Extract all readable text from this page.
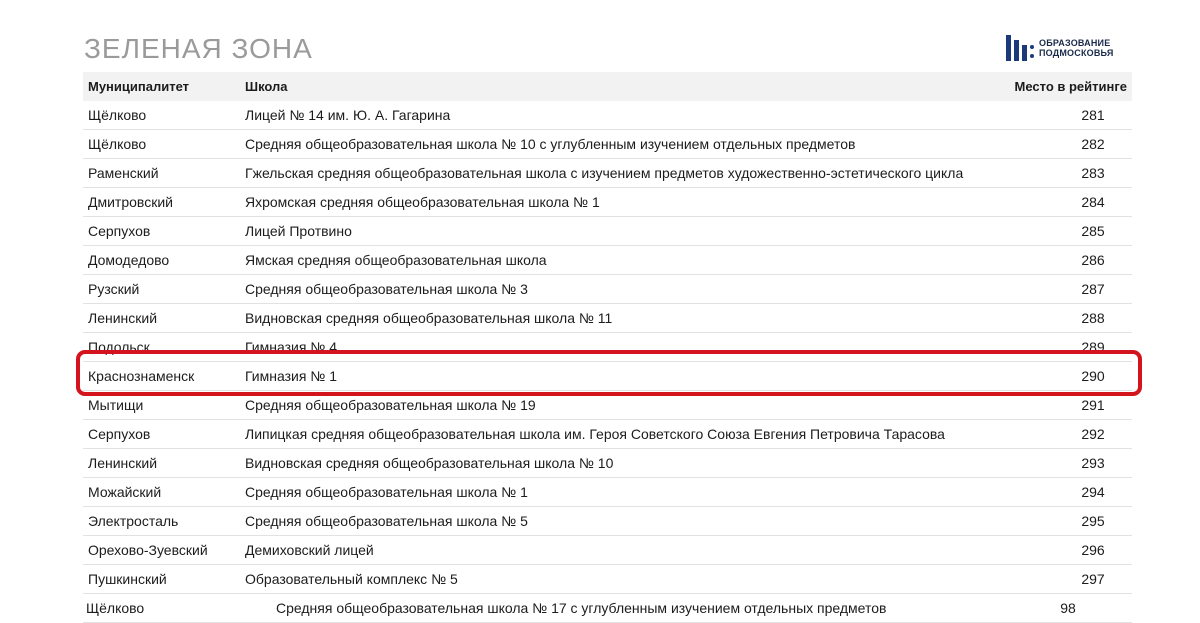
ЗЕЛЕНАЯ ЗОНА	ОБРАЗОВАНИЕ
ПОДМОСКОВЬЯ
Муниципалитет	Школа	Место в рейтинге
Щёлково	Лицей № 14 им. Ю. А. Гагарина	281
Щёлково	Средняя общеобразовательная школа № 10 с углубленным изучением отдельных предметов	282
Раменский	Гжельская средняя общеобразовательная школа с изучением предметов художественно-эстетического цикла	283
Дмитровский	Яхромская средняя общеобразовательная школа № 1	284
Серпухов	Лицей Протвино	285
Домодедово	Ямская средняя общеобразовательная школа	286
Рузский	Средняя общеобразовательная школа № 3	287
Ленинский	Видновская средняя общеобразовательная школа № 11	288
Подольск	Гимназия № 4	289
Краснознаменск	Гимназия № 1	290
Мытищи	Средняя общеобразовательная школа № 19	291
Серпухов	Липицкая средняя общеобразовательная школа им. Героя Советского Союза Евгения Петровича Тарасова	292
Ленинский	Видновская средняя общеобразовательная школа № 10	293
Можайский	Средняя общеобразовательная школа № 1	294
Электросталь	Средняя общеобразовательная школа № 5	295
Орехово-Зуевский	Демиховский лицей	296
Пушкинский	Образовательный комплекс № 5	297
Щёлково	Средняя общеобразовательная школа № 17 с углубленным изучением отдельных предметов	98
